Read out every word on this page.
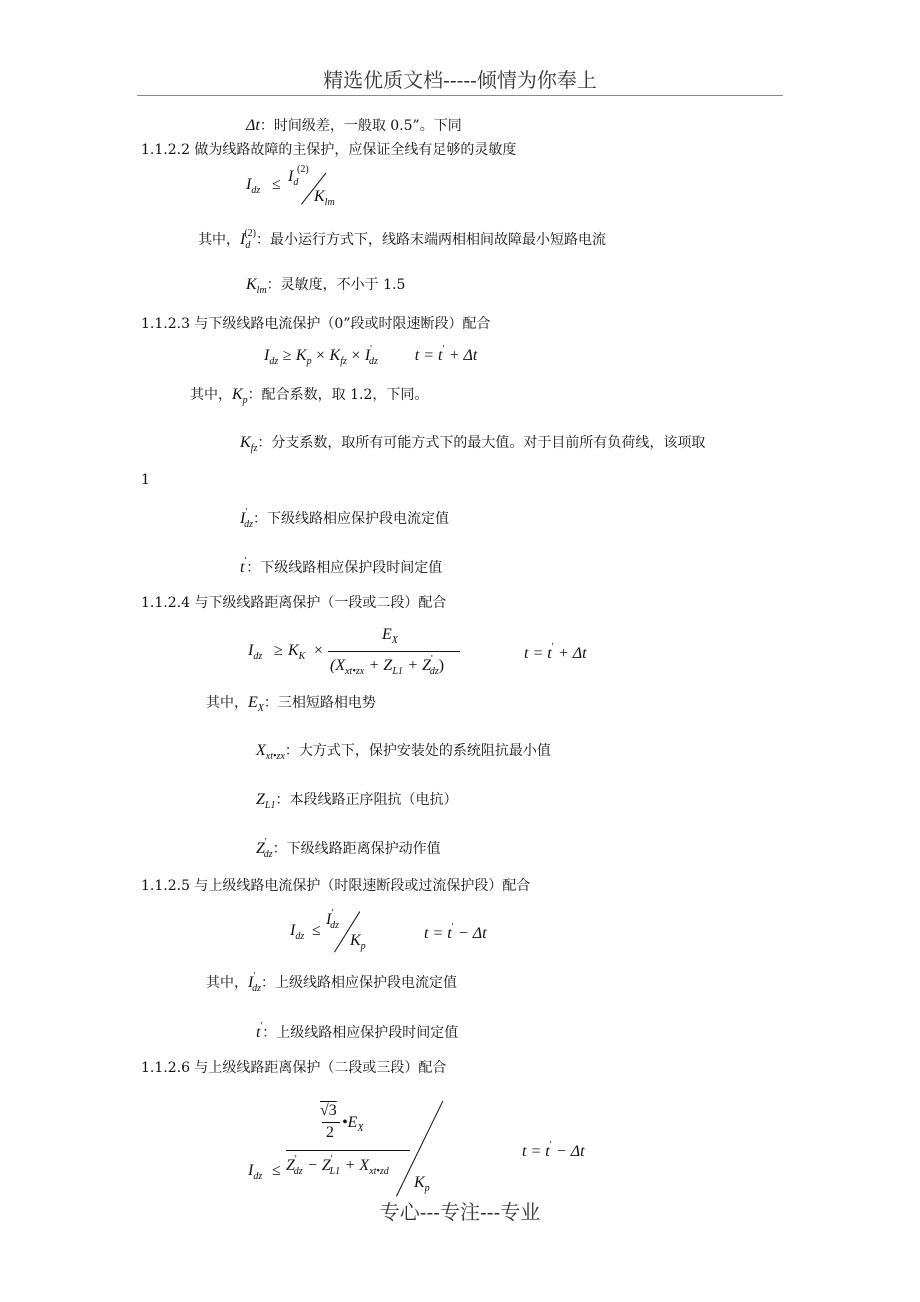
精选优质文档-----倾情为你奉上
Δt：时间级差，一般取 0.5”。下同
1.1.2.2 做为线路故障的主保护，应保证全线有足够的灵敏度
$I_{dz} \le I_d$
(2)
$K_{lm}$
其中，$I_d^{(2)}$：最小运行方式下，线路末端两相相间故障最小短路电流
$K_{lm}$：灵敏度，不小于 1.5
1.1.2.3 与下级线路电流保护（0”段或时限速断段）配合
$I_{dz} \ge K_p \times K_{fz} \times I'_{dz}$ t = t' + Δt
其中，$K_p$：配合系数，取 1.2，下同。
$K_{fz}$：分支系数，取所有可能方式下的最大值。对于目前所有负荷线，该项取
1
$I'_{dz}$：下级线路相应保护段电流定值
t'：下级线路相应保护段时间定值
1.1.2.4 与下级线路距离保护（一段或二段）配合
$I_{dz} \ge K_K$ ×
$E_X$
$(X_{xt•zx} + Z_{L1} + Z'_{dz})$
t = t' + Δt
其中，$E_X$：三相短路相电势
$X_{xt•zx}$：大方式下，保护安装处的系统阻抗最小值
$Z_{L1}$：本段线路正序阻抗（电抗）
$Z'_{dz}$：下级线路距离保护动作值
1.1.2.5 与上级线路电流保护（时限速断段或过流保护段）配合
$I_{dz}$ ≤
$I'_{dz}$
$K_p$
t = t' − Δt
其中，$I'_{dz}$：上级线路相应保护段电流定值
t'：上级线路相应保护段时间定值
1.1.2.6 与上级线路距离保护（二段或三段）配合
$I_{dz}$ ≤
√3
2
$•E_X$
$Z'_{dz} - Z'_{L1} + X_{xt•zd}$
$K_p$
t = t' − Δt
专心---专注---专业
